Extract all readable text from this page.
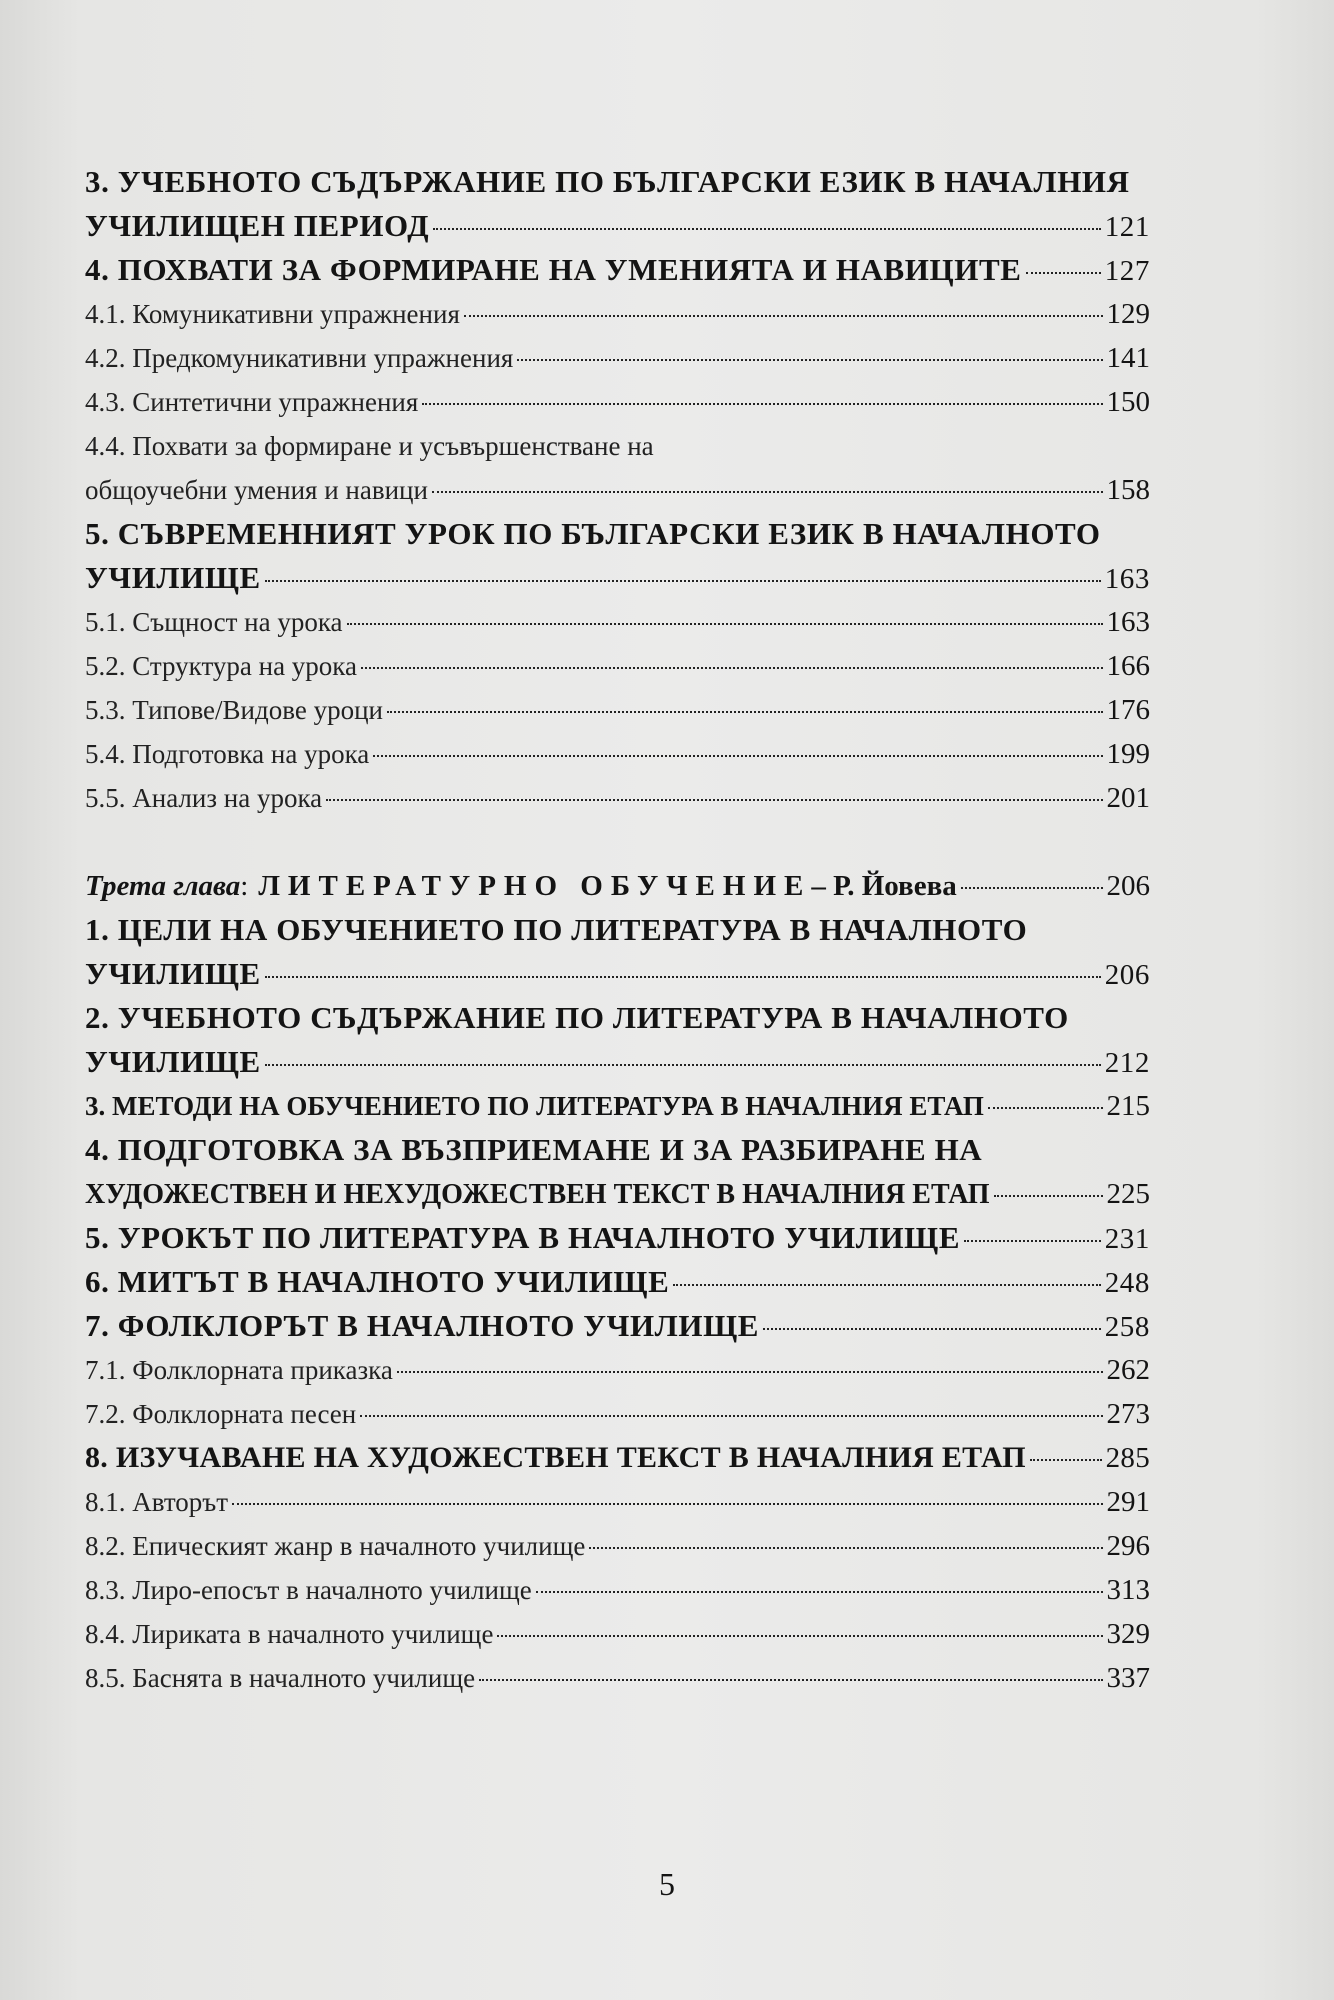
3. УЧЕБНОТО СЪДЪРЖАНИЕ ПО БЪЛГАРСКИ ЕЗИК В НАЧАЛНИЯ
УЧИЛИЩЕН ПЕРИОД	121
4. ПОХВАТИ ЗА ФОРМИРАНЕ НА УМЕНИЯТА И НАВИЦИТЕ	127
4.1. Комуникативни упражнения	129
4.2. Предкомуникативни упражнения	141
4.3. Синтетични упражнения	150
4.4. Похвати за формиране и усъвършенстване на
общоучебни умения и навици	158
5. СЪВРЕМЕННИЯТ УРОК ПО БЪЛГАРСКИ ЕЗИК В НАЧАЛНОТО
УЧИЛИЩЕ	163
5.1. Същност на урока	163
5.2. Структура на урока	166
5.3. Типове/Видове уроци	176
5.4. Подготовка на урока	199
5.5. Анализ на урока	201
Трета глава: ЛИТЕРАТУРНО ОБУЧЕНИЕ– Р. Йовева	206
1. ЦЕЛИ НА ОБУЧЕНИЕТО ПО ЛИТЕРАТУРА В НАЧАЛНОТО
УЧИЛИЩЕ	206
2. УЧЕБНОТО СЪДЪРЖАНИЕ ПО ЛИТЕРАТУРА В НАЧАЛНОТО
УЧИЛИЩЕ	212
3. МЕТОДИ НА ОБУЧЕНИЕТО ПО ЛИТЕРАТУРА В НАЧАЛНИЯ ЕТАП	215
4. ПОДГОТОВКА ЗА ВЪЗПРИЕМАНЕ И ЗА РАЗБИРАНЕ НА
ХУДОЖЕСТВЕН И НЕХУДОЖЕСТВЕН ТЕКСТ В НАЧАЛНИЯ ЕТАП	225
5. УРОКЪТ ПО ЛИТЕРАТУРА В НАЧАЛНОТО УЧИЛИЩЕ	231
6. МИТЪТ В НАЧАЛНОТО УЧИЛИЩЕ	248
7. ФОЛКЛОРЪТ В НАЧАЛНОТО УЧИЛИЩЕ	258
7.1. Фолклорната приказка	262
7.2. Фолклорната песен	273
8. ИЗУЧАВАНЕ НА ХУДОЖЕСТВЕН ТЕКСТ В НАЧАЛНИЯ ЕТАП	285
8.1. Авторът	291
8.2. Епическият жанр в началното училище	296
8.3. Лиро-епосът в началното училище	313
8.4. Лириката в началното училище	329
8.5. Баснята в началното училище	337
5
